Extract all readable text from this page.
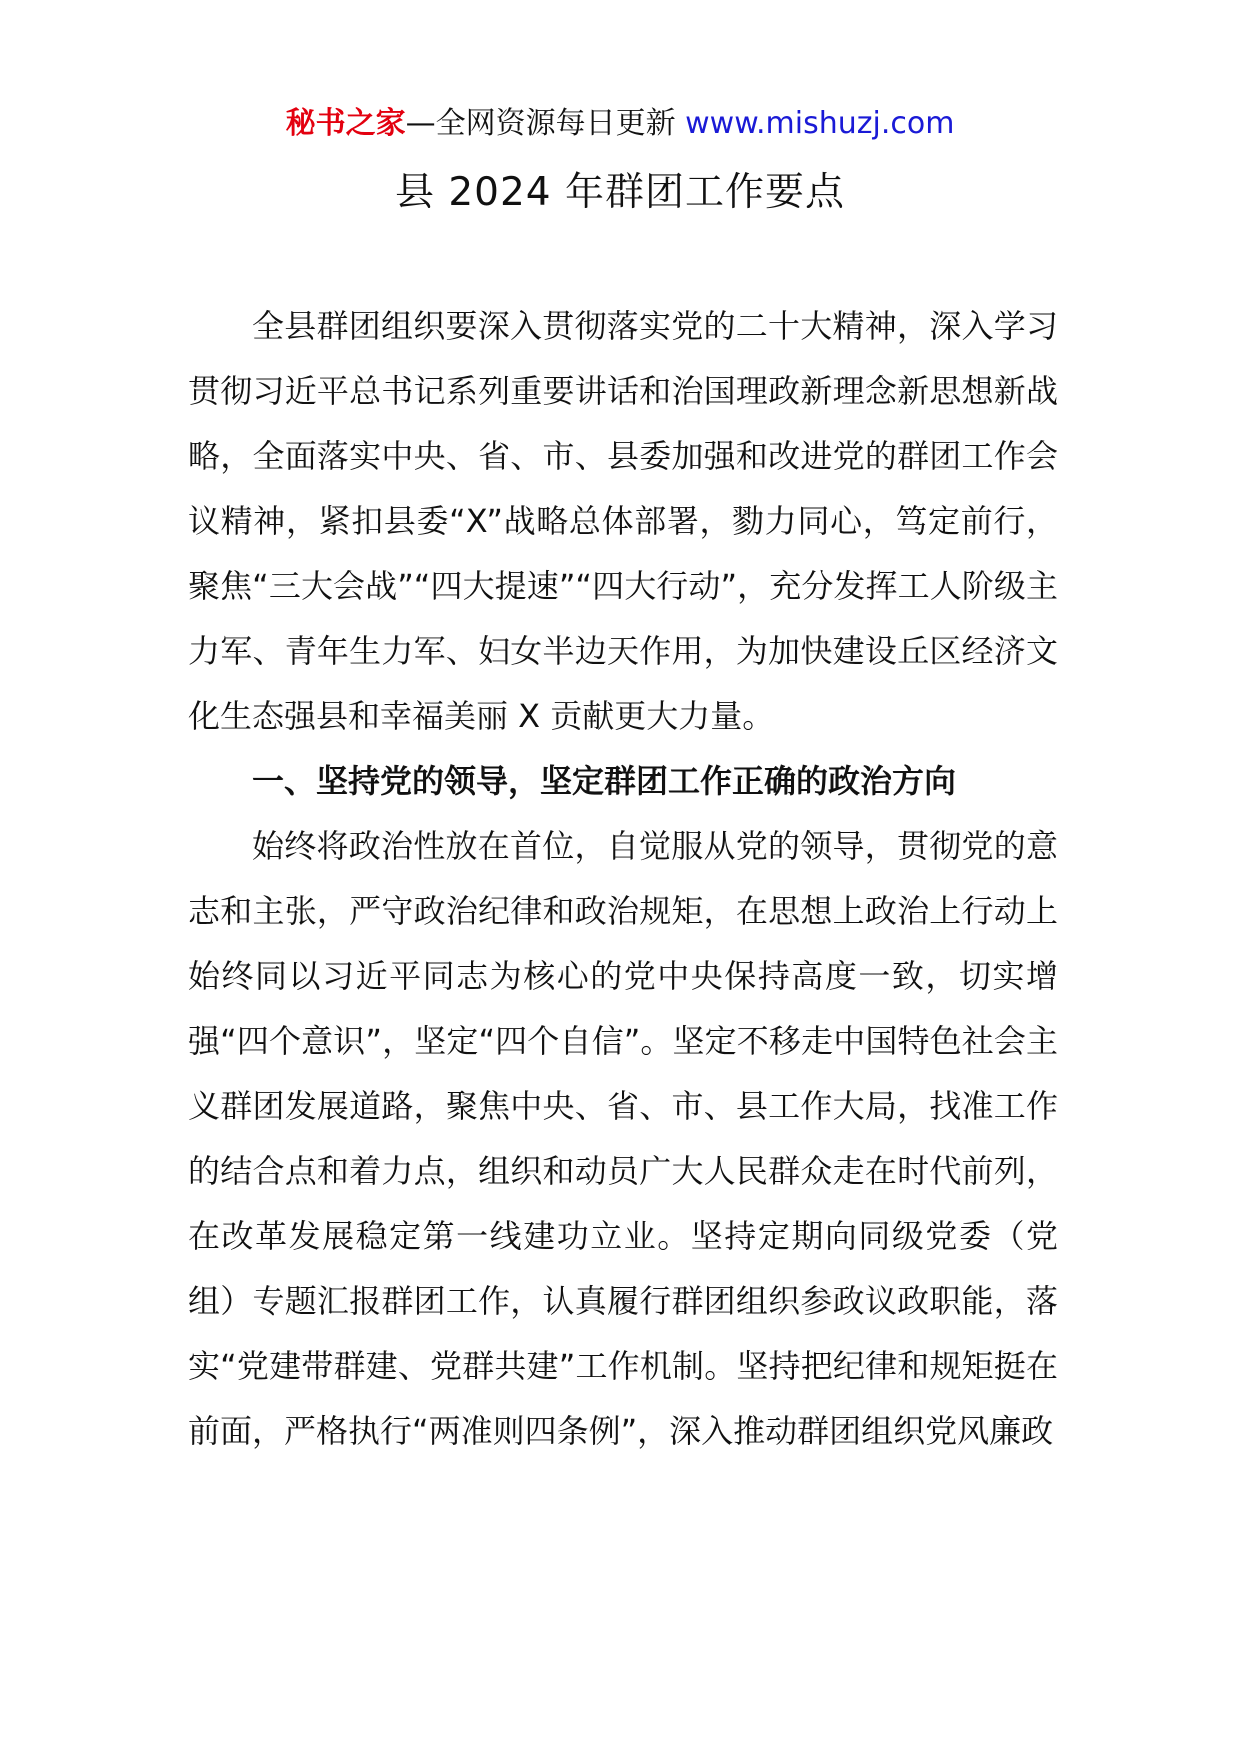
秘书之家—全网资源每日更新 www.mishuzj.com
县 2024 年群团工作要点

全县群团组织要深入贯彻落实党的二十大精神，深入学习贯彻习近平总书记系列重要讲话和治国理政新理念新思想新战略，全面落实中央、省、市、县委加强和改进党的群团工作会议精神，紧扣县委“X”战略总体部署，勠力同心，笃定前行，聚焦“三大会战”“四大提速”“四大行动”，充分发挥工人阶级主力军、青年生力军、妇女半边天作用，为加快建设丘区经济文化生态强县和幸福美丽 X 贡献更大力量。

一、坚持党的领导，坚定群团工作正确的政治方向

始终将政治性放在首位，自觉服从党的领导，贯彻党的意志和主张，严守政治纪律和政治规矩，在思想上政治上行动上始终同以习近平同志为核心的党中央保持高度一致，切实增强“四个意识”，坚定“四个自信”。坚定不移走中国特色社会主义群团发展道路，聚焦中央、省、市、县工作大局，找准工作的结合点和着力点，组织和动员广大人民群众走在时代前列，在改革发展稳定第一线建功立业。坚持定期向同级党委（党组）专题汇报群团工作，认真履行群团组织参政议政职能，落实“党建带群建、党群共建”工作机制。坚持把纪律和规矩挺在前面，严格执行“两准则四条例”，深入推动群团组织党风廉政
